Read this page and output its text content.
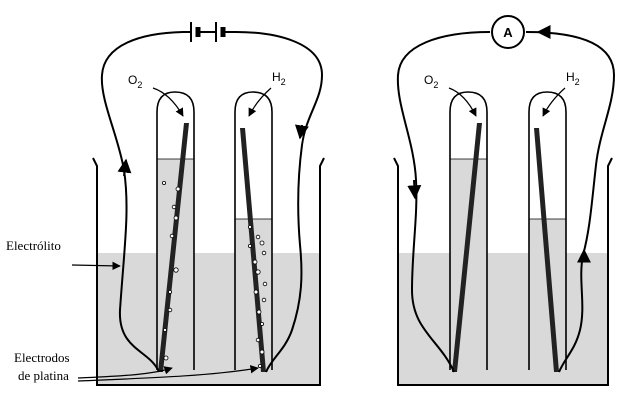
$O_2$
$H_2$
A
$O_2$
$H_2$
Electrólito
Electrodos
de platina
